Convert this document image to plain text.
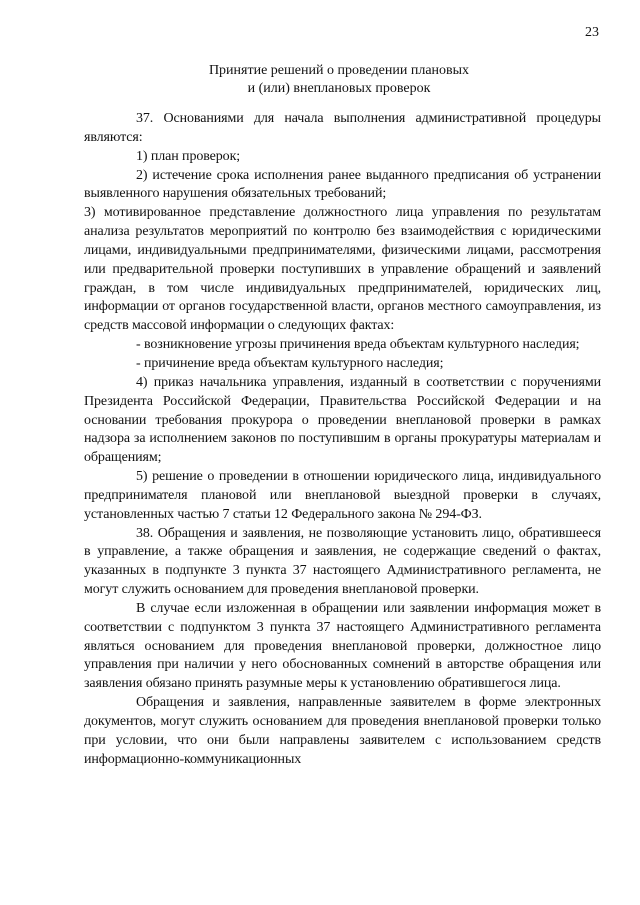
23
Принятие решений о проведении плановых
и (или) внеплановых проверок

37. Основаниями для начала выполнения административной процедуры являются:

1) план проверок;

2) истечение срока исполнения ранее выданного предписания об устранении выявленного нарушения обязательных требований;

3) мотивированное представление должностного лица управления по результатам анализа результатов мероприятий по контролю без взаимодействия с юридическими лицами, индивидуальными предпринимателями, физическими лицами, рассмотрения или предварительной проверки поступивших в управление обращений и заявлений граждан, в том числе индивидуальных предпринимателей, юридических лиц, информации от органов государственной власти, органов местного самоуправления, из средств массовой информации о следующих фактах:

- возникновение угрозы причинения вреда объектам культурного наследия;

- причинение вреда объектам культурного наследия;

4) приказ начальника управления, изданный в соответствии с поручениями Президента Российской Федерации, Правительства Российской Федерации и на основании требования прокурора о проведении внеплановой проверки в рамках надзора за исполнением законов по поступившим в органы прокуратуры материалам и обращениям;

5) решение о проведении в отношении юридического лица, индивидуального предпринимателя плановой или внеплановой выездной проверки в случаях, установленных частью 7 статьи 12 Федерального закона № 294-ФЗ.

38. Обращения и заявления, не позволяющие установить лицо, обратившееся в управление, а также обращения и заявления, не содержащие сведений о фактах, указанных в подпункте 3 пункта 37 настоящего Административного регламента, не могут служить основанием для проведения внеплановой проверки.

В случае если изложенная в обращении или заявлении информация может в соответствии с подпунктом 3 пункта 37 настоящего Административного регламента являться основанием для проведения внеплановой проверки, должностное лицо управления при наличии у него обоснованных сомнений в авторстве обращения или заявления обязано принять разумные меры к установлению обратившегося лица.

Обращения и заявления, направленные заявителем в форме электронных документов, могут служить основанием для проведения внеплановой проверки только при условии, что они были направлены заявителем с использованием средств информационно-коммуникационных
